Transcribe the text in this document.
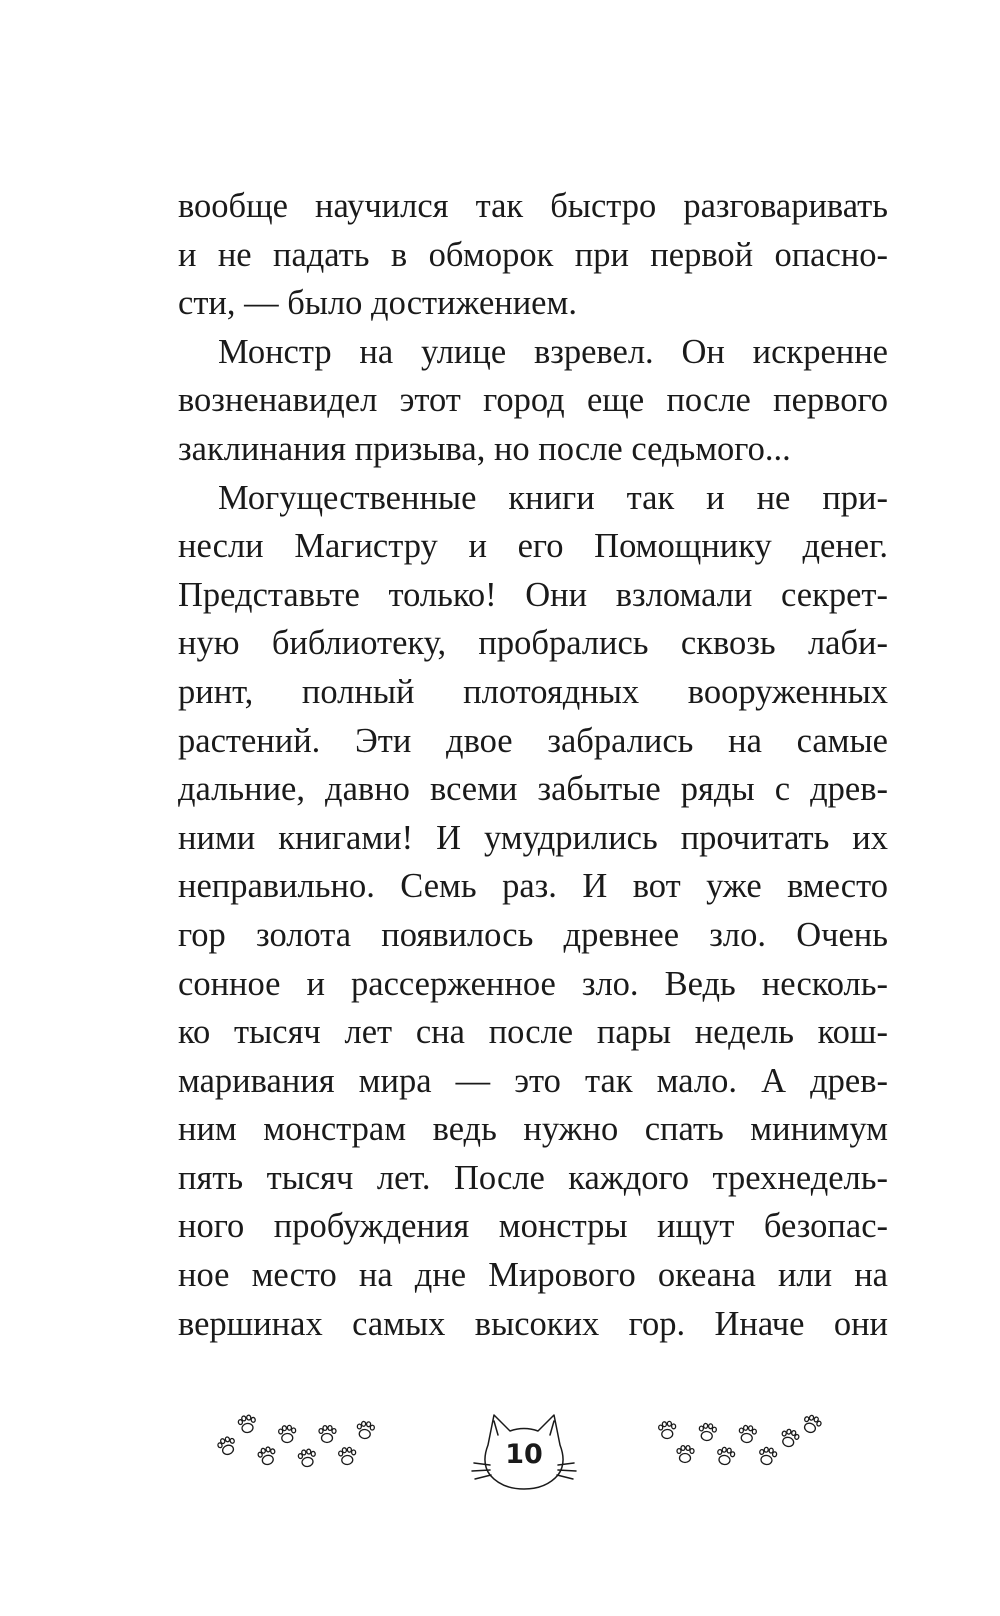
вообще научился так быстро разговаривать
и не падать в обморок при первой опасно-
сти, — было достижением.
Монстр на улице взревел. Он искренне
возненавидел этот город еще после первого
заклинания призыва, но после седьмого...
Могущественные книги так и не при-
несли Магистру и его Помощнику денег.
Представьте только! Они взломали секрет-
ную библиотеку, пробрались сквозь лаби-
ринт, полный плотоядных вооруженных
растений. Эти двое забрались на самые
дальние, давно всеми забытые ряды с древ-
ними книгами! И умудрились прочитать их
неправильно. Семь раз. И вот уже вместо
гор золота появилось древнее зло. Очень
сонное и рассерженное зло. Ведь несколь-
ко тысяч лет сна после пары недель кош-
маривания мира — это так мало. А древ-
ним монстрам ведь нужно спать минимум
пять тысяч лет. После каждого трехнедель-
ного пробуждения монстры ищут безопас-
ное место на дне Мирового океана или на
вершинах самых высоких гор. Иначе они
10
